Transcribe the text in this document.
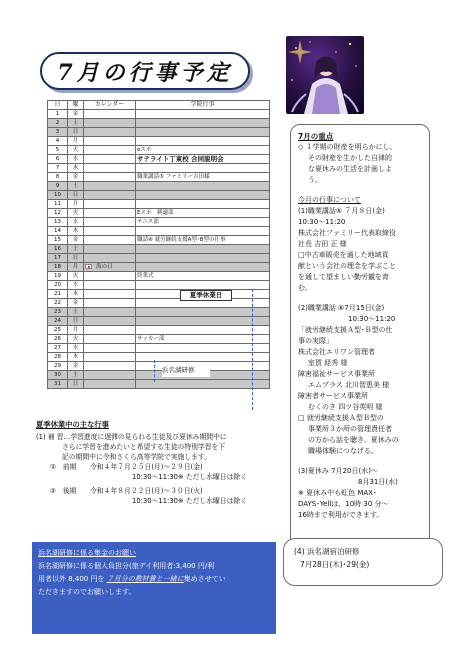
7月の行事予定
日	曜	カレンダー	学院行事
1	金		
2	土		
3	日		
4	月		
5	火		eスポ
6	水		サテライト丁東校 合同説明会
7	木		
8	金		職業講話⑤ ファミリー吉田様
9	土		
10	日		
11	月		
12	火		Eスポ　刺適部
13	水		テニス部
14	木		
15	金		職話⑥ 就労継続支援A型･B型の仕事
16	土		
17	日		
18	月	海の日	
19	火		終業式
20	水		
21	木		
22	金		
23	土		
24	日		
25	月		
26	火		サッカー部
27	水		
28	木		
29	金		
30	土		
31	日		
夏季休業日
浜名湖研修
夏季休業中の主な行事
(1) 補 習…学習進度に遅滞の見られる生徒及び夏休み期間中に
さらに学習を進めたいと希望する生徒の特別学習を下
記の期間中に令和さくら高等学院で実施します。
①　前期　　令和４年７月２５日(月)～２９日(金)
10:30～11:30※ ただし水曜日は除く
②　後期　　令和４年８月２２日(月)～３０日(火)
10:30～11:30※ ただし水曜日は除く
浜名湖研修に係る集金のお願い
浜名湖研修に係る個人負担分(旅デイ利用者:3,400 円/利
用者以外 8,400 円を ７月分の教材費と一緒に集めさせてい
ただきますのでお願いします。
7月の重点
◇ １学期の財産を明らかにし、
その財産を生かした自律的
な夏休みの生活を計画しよ
う。
今月の行事について
(1)職業講話⑤ ７月８日(金)
10:30～11:20
株式会社ファミリー代表取締役
社長 吉田 正 様
□中古車販売を通した地域貢
献という会社の理念を学ぶこと
を通して望ましい勤労観を育
む。
(2)職業講話 ⑥7月15日(金)
10:30～11:20
「就労継続支援Ａ型･Ｂ型の仕
事の実際」
株式会社エリワン管理者
室賀 経秀 様
障害福祉サービス事業所
エムプラス 北川智恵美 様
障害者サービス事業所
むくのき 四ツ谷英明 様
□ 就労継続支援Ａ型Ｂ型の
事業所３か所の管理責任者
の方から話を聴き、夏休みの
職場体験につなげる。
(3)夏休み 7月20日(水)～
8月31日(水)
※ 夏休み中も虹色 MAX･
DAYS･Yellは、10時 30 分～
16時まで利用ができます。
(4) 浜名湖宿泊研修
7月28日(木)･29(金)
